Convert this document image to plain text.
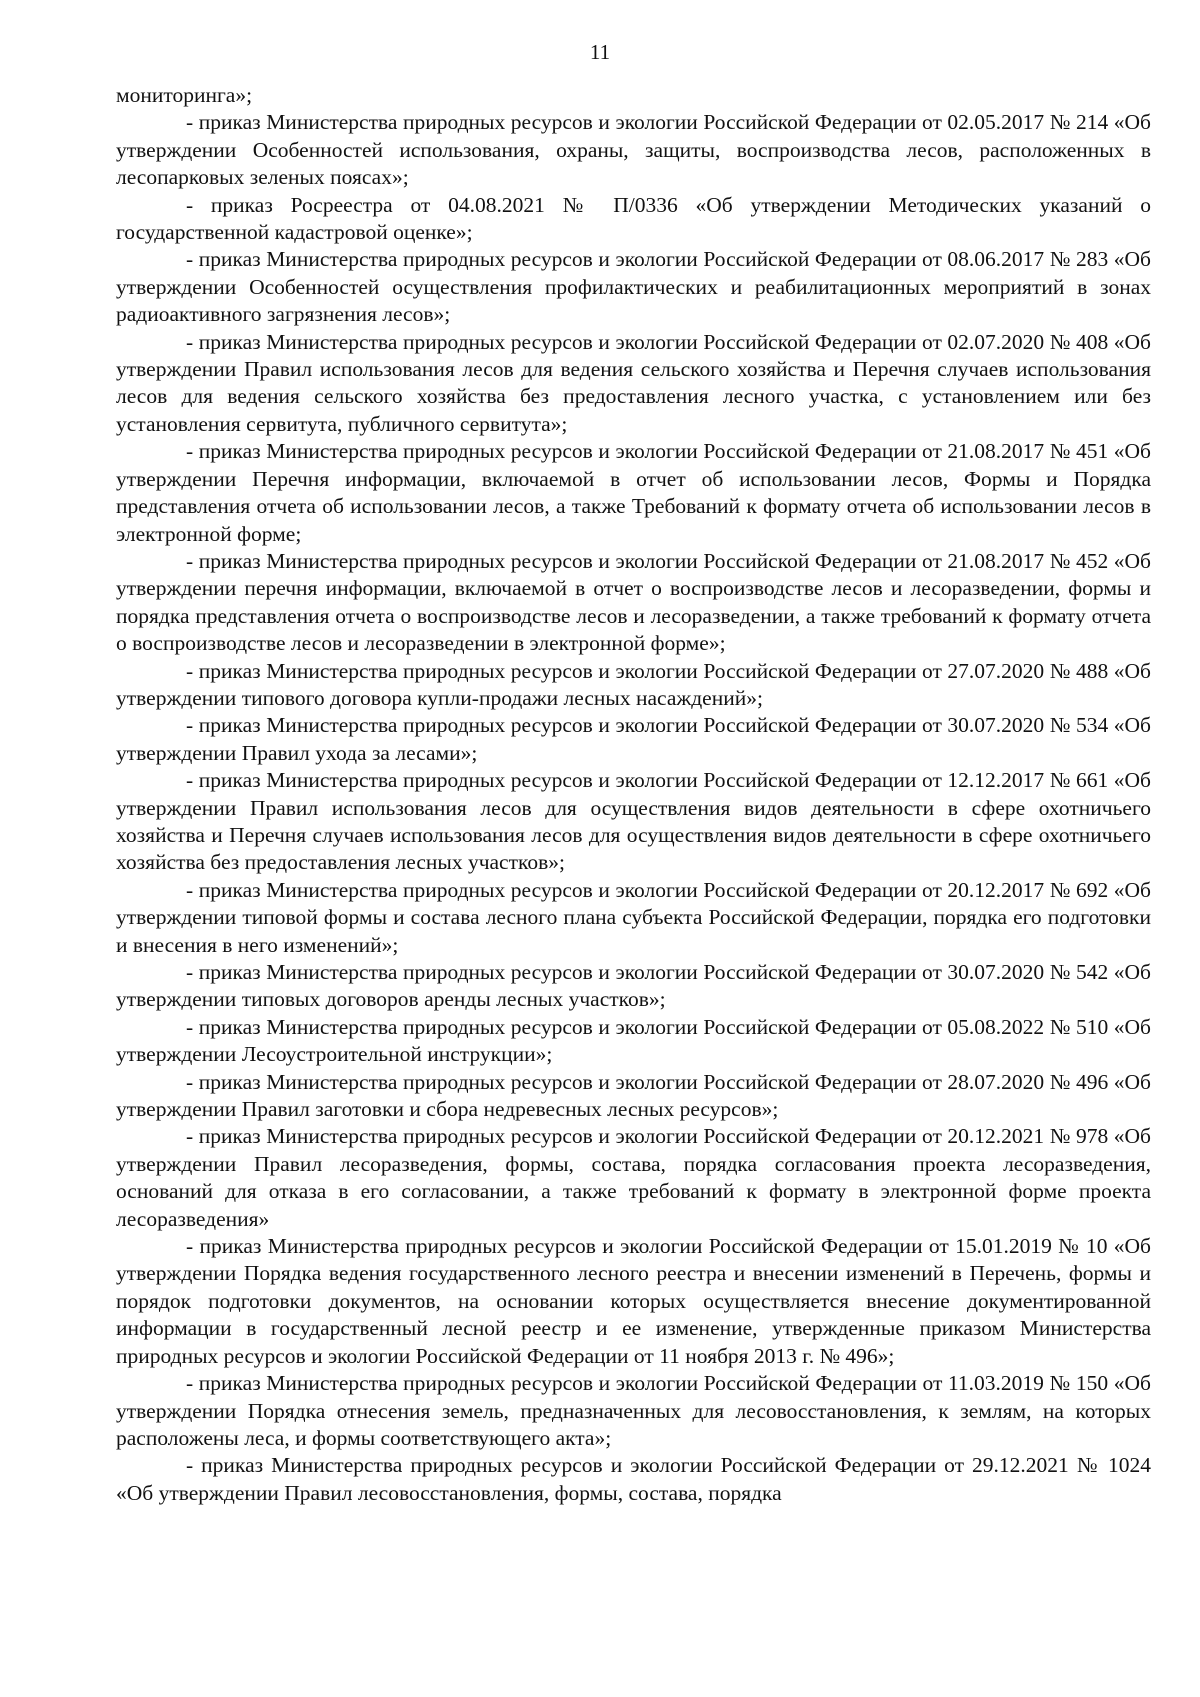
11

мониторинга»;

- приказ Министерства природных ресурсов и экологии Российской Федерации от 02.05.2017 № 214 «Об утверждении Особенностей использования, охраны, защиты, воспроизводства лесов, расположенных в лесопарковых зеленых поясах»;

- приказ Росреестра от 04.08.2021 № П/0336 «Об утверждении Методических указаний о государственной кадастровой оценке»;

- приказ Министерства природных ресурсов и экологии Российской Федерации от 08.06.2017 № 283 «Об утверждении Особенностей осуществления профилактических и реабилитационных мероприятий в зонах радиоактивного загрязнения лесов»;

- приказ Министерства природных ресурсов и экологии Российской Федерации от 02.07.2020 № 408 «Об утверждении Правил использования лесов для ведения сельского хозяйства и Перечня случаев использования лесов для ведения сельского хозяйства без предоставления лесного участка, с установлением или без установления сервитута, публичного сервитута»;

- приказ Министерства природных ресурсов и экологии Российской Федерации от 21.08.2017 № 451 «Об утверждении Перечня информации, включаемой в отчет об использовании лесов, Формы и Порядка представления отчета об использовании лесов, а также Требований к формату отчета об использовании лесов в электронной форме;

- приказ Министерства природных ресурсов и экологии Российской Федерации от 21.08.2017 № 452 «Об утверждении перечня информации, включаемой в отчет о воспроизводстве лесов и лесоразведении, формы и порядка представления отчета о воспроизводстве лесов и лесоразведении, а также требований к формату отчета о воспроизводстве лесов и лесоразведении в электронной форме»;

- приказ Министерства природных ресурсов и экологии Российской Федерации от 27.07.2020 № 488 «Об утверждении типового договора купли-продажи лесных насаждений»;

- приказ Министерства природных ресурсов и экологии Российской Федерации от 30.07.2020 № 534 «Об утверждении Правил ухода за лесами»;

- приказ Министерства природных ресурсов и экологии Российской Федерации от 12.12.2017 № 661 «Об утверждении Правил использования лесов для осуществления видов деятельности в сфере охотничьего хозяйства и Перечня случаев использования лесов для осуществления видов деятельности в сфере охотничьего хозяйства без предоставления лесных участков»;

- приказ Министерства природных ресурсов и экологии Российской Федерации от 20.12.2017 № 692 «Об утверждении типовой формы и состава лесного плана субъекта Российской Федерации, порядка его подготовки и внесения в него изменений»;

- приказ Министерства природных ресурсов и экологии Российской Федерации от 30.07.2020 № 542 «Об утверждении типовых договоров аренды лесных участков»;

- приказ Министерства природных ресурсов и экологии Российской Федерации от 05.08.2022 № 510 «Об утверждении Лесоустроительной инструкции»;

- приказ Министерства природных ресурсов и экологии Российской Федерации от 28.07.2020 № 496 «Об утверждении Правил заготовки и сбора недревесных лесных ресурсов»;

- приказ Министерства природных ресурсов и экологии Российской Федерации от 20.12.2021 № 978 «Об утверждении Правил лесоразведения, формы, состава, порядка согласования проекта лесоразведения, оснований для отказа в его согласовании, а также требований к формату в электронной форме проекта лесоразведения»

- приказ Министерства природных ресурсов и экологии Российской Федерации от 15.01.2019 № 10 «Об утверждении Порядка ведения государственного лесного реестра и внесении изменений в Перечень, формы и порядок подготовки документов, на основании которых осуществляется внесение документированной информации в государственный лесной реестр и ее изменение, утвержденные приказом Министерства природных ресурсов и экологии Российской Федерации от 11 ноября 2013 г. № 496»;

- приказ Министерства природных ресурсов и экологии Российской Федерации от 11.03.2019 № 150 «Об утверждении Порядка отнесения земель, предназначенных для лесовосстановления, к землям, на которых расположены леса, и формы соответствующего акта»;

- приказ Министерства природных ресурсов и экологии Российской Федерации от 29.12.2021 № 1024 «Об утверждении Правил лесовосстановления, формы, состава, порядка
